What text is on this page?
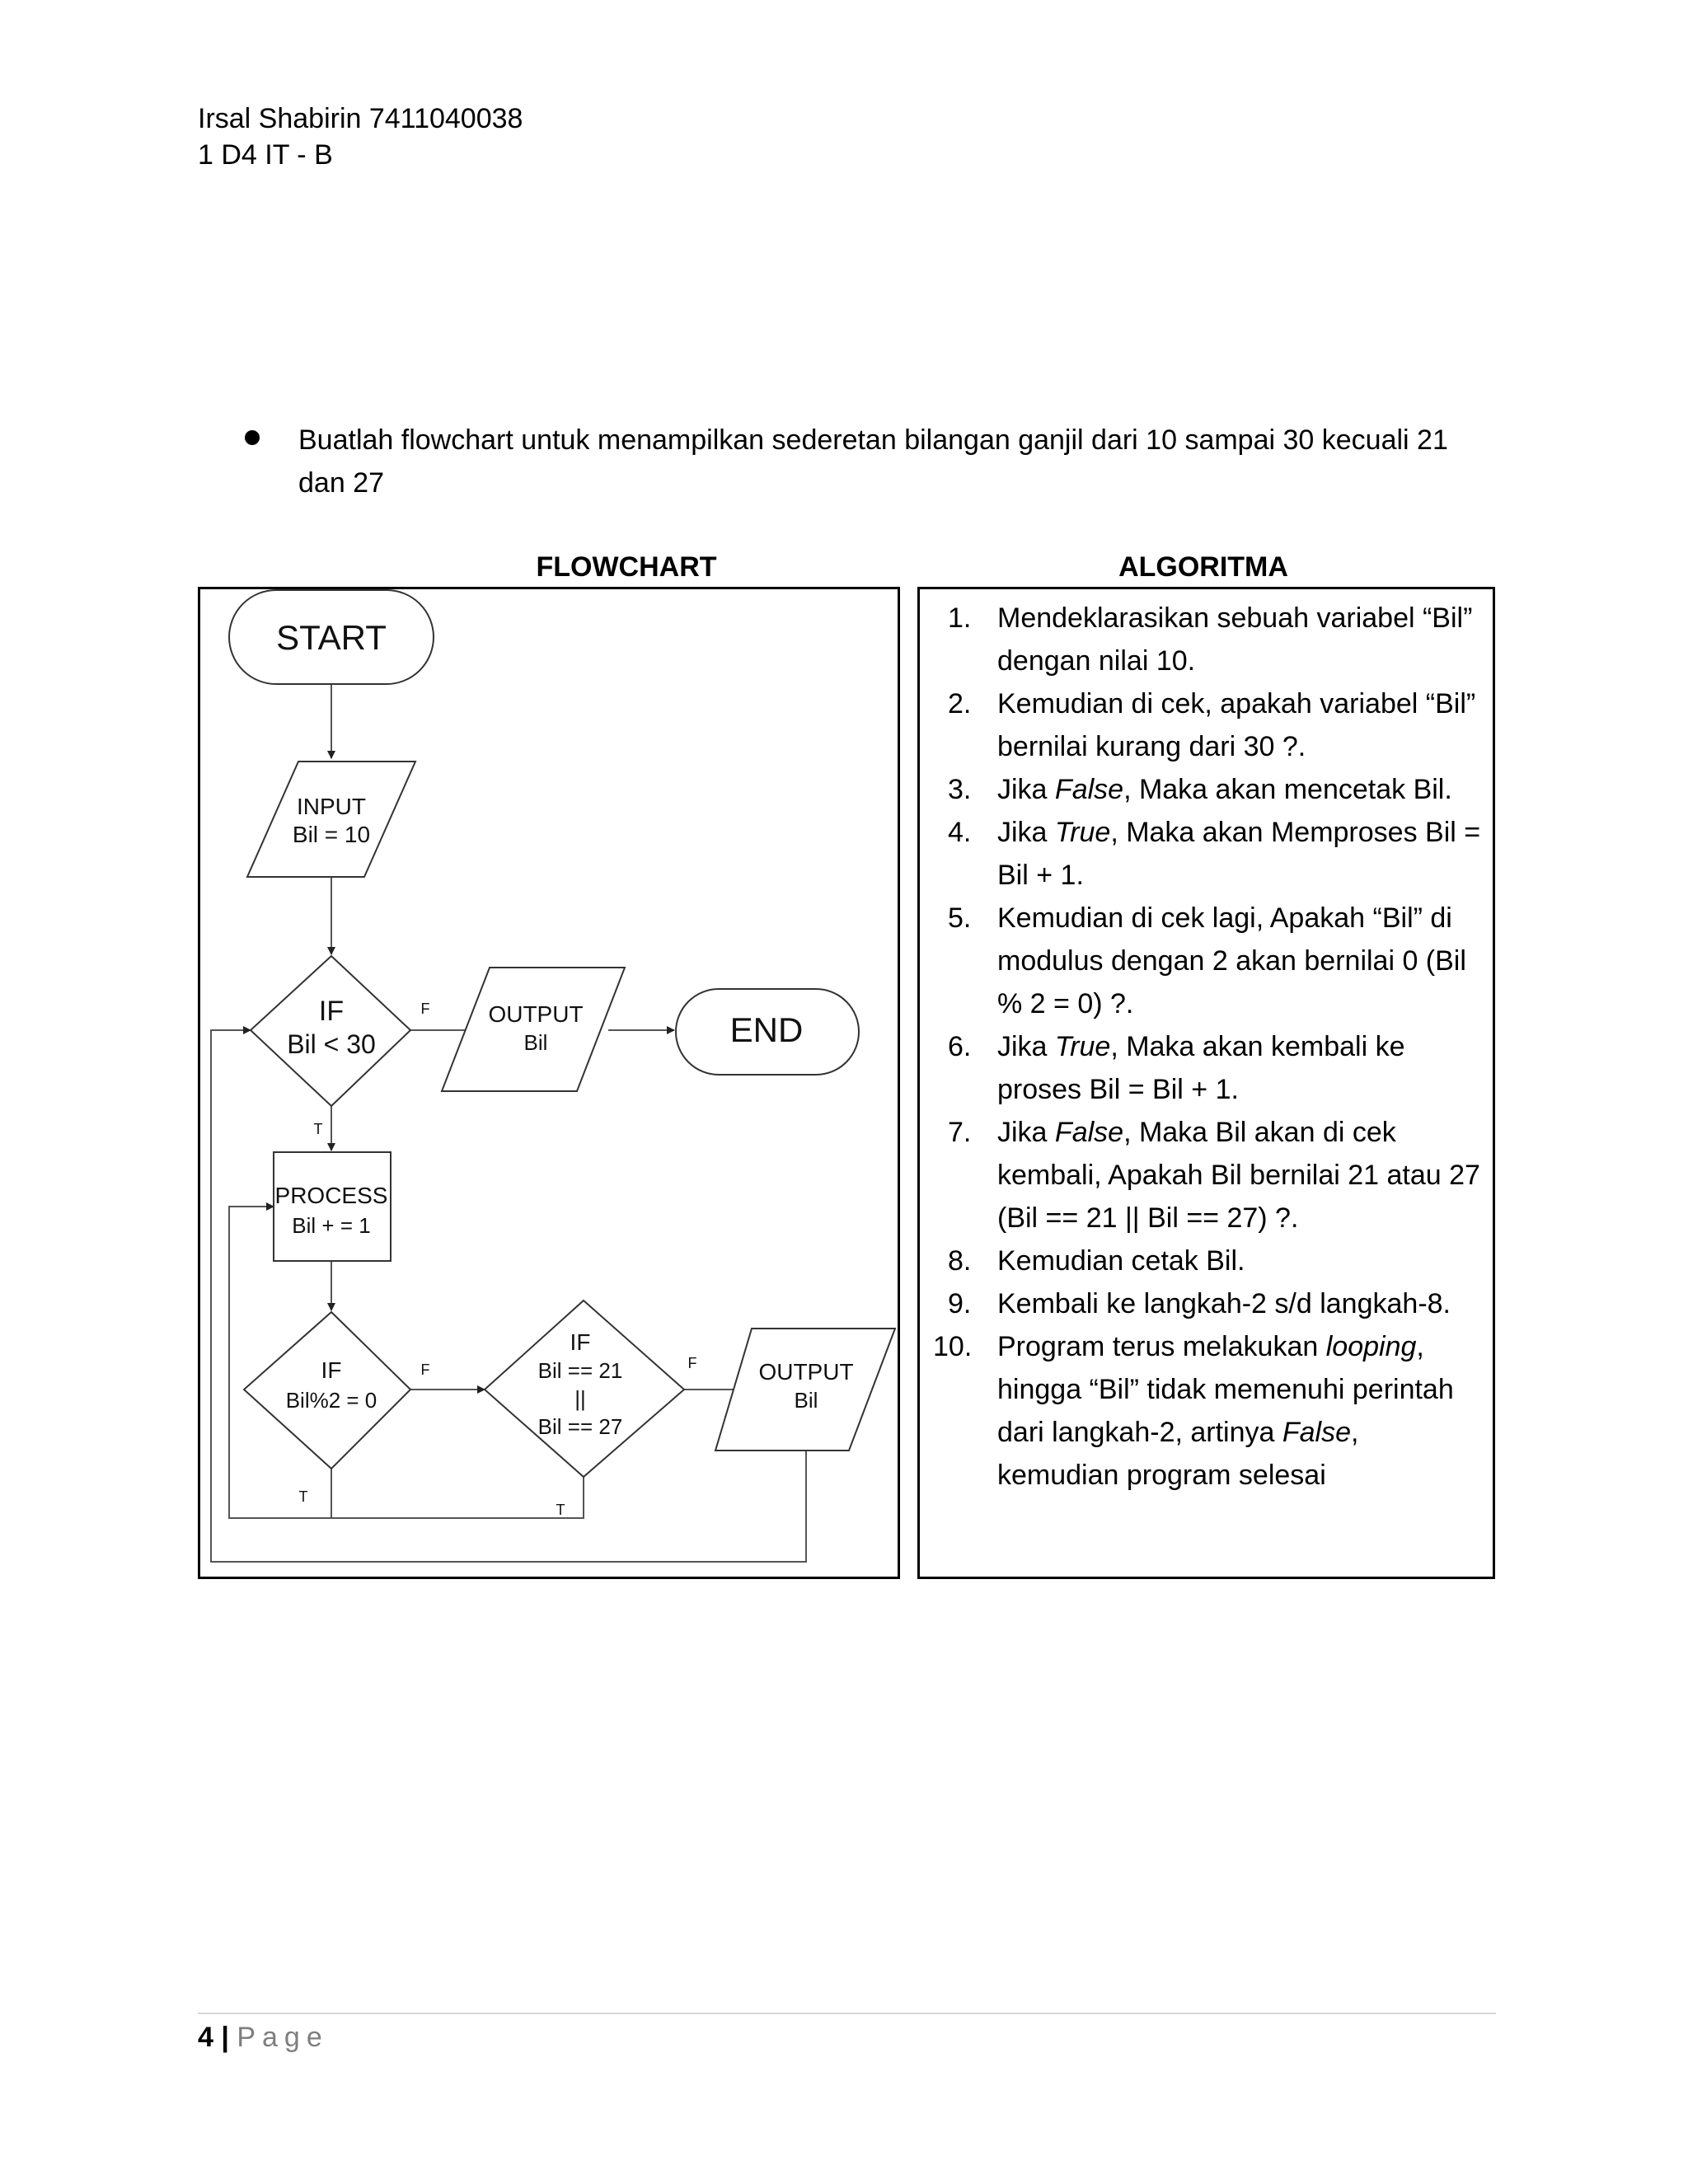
Irsal Shabirin 7411040038
1 D4 IT - B
Buatlah flowchart untuk menampilkan sederetan bilangan ganjil dari 10 sampai 30 kecuali 21 dan 27
FLOWCHART	ALGORITMA
START
INPUT
Bil = 10
IF
Bil < 30
OUTPUT
Bil	END
PROCESS
Bil + = 1
IF
Bil%2 = 0
IF
Bil == 21
||
Bil == 27
OUTPUT
Bil
F
T
F	F
T
T
1. Mendeklarasikan sebuah variabel “Bil” dengan nilai 10.
2. Kemudian di cek, apakah variabel “Bil” bernilai kurang dari 30 ?.
3. Jika False, Maka akan mencetak Bil.
4. Jika True, Maka akan Memproses Bil = Bil + 1.
5. Kemudian di cek lagi, Apakah “Bil” di modulus dengan 2 akan bernilai 0 (Bil % 2 = 0) ?.
6. Jika True, Maka akan kembali ke proses Bil = Bil + 1.
7. Jika False, Maka Bil akan di cek kembali, Apakah Bil bernilai 21 atau 27 (Bil == 21 || Bil == 27) ?.
8. Kemudian cetak Bil.
9. Kembali ke langkah-2 s/d langkah-8.
10. Program terus melakukan looping, hingga “Bil” tidak memenuhi perintah dari langkah-2, artinya False, kemudian program selesai
4 | Page
